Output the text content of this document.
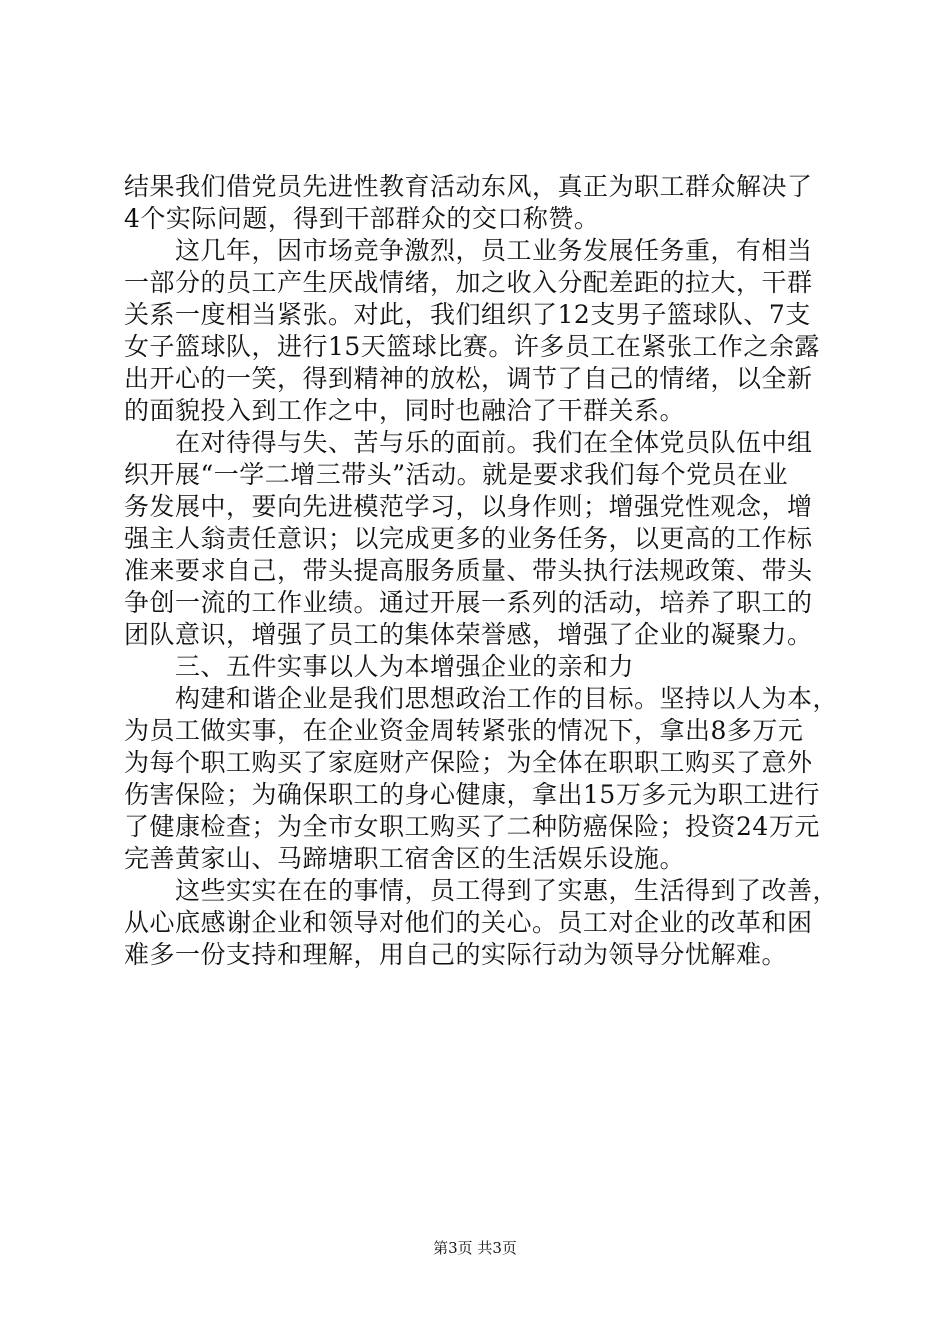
结果我们借党员先进性教育活动东风，真正为职工群众解决了
4个实际问题，得到干部群众的交口称赞。
　　这几年，因市场竞争激烈，员工业务发展任务重，有相当
一部分的员工产生厌战情绪，加之收入分配差距的拉大，干群
关系一度相当紧张。对此，我们组织了12支男子篮球队、7支
女子篮球队，进行15天篮球比赛。许多员工在紧张工作之余露
出开心的一笑，得到精神的放松，调节了自己的情绪，以全新
的面貌投入到工作之中，同时也融洽了干群关系。
　　在对待得与失、苦与乐的面前。我们在全体党员队伍中组
织开展“一学二增三带头”活动。就是要求我们每个党员在业
务发展中，要向先进模范学习，以身作则；增强党性观念，增
强主人翁责任意识；以完成更多的业务任务，以更高的工作标
准来要求自己，带头提高服务质量、带头执行法规政策、带头
争创一流的工作业绩。通过开展一系列的活动，培养了职工的
团队意识，增强了员工的集体荣誉感，增强了企业的凝聚力。
　　三、五件实事以人为本增强企业的亲和力
　　构建和谐企业是我们思想政治工作的目标。坚持以人为本，
为员工做实事，在企业资金周转紧张的情况下，拿出8多万元
为每个职工购买了家庭财产保险；为全体在职职工购买了意外
伤害保险；为确保职工的身心健康，拿出15万多元为职工进行
了健康检查；为全市女职工购买了二种防癌保险；投资24万元
完善黄家山、马蹄塘职工宿舍区的生活娱乐设施。
　　这些实实在在的事情，员工得到了实惠，生活得到了改善，
从心底感谢企业和领导对他们的关心。员工对企业的改革和困
难多一份支持和理解，用自己的实际行动为领导分忧解难。
第3页 共3页
